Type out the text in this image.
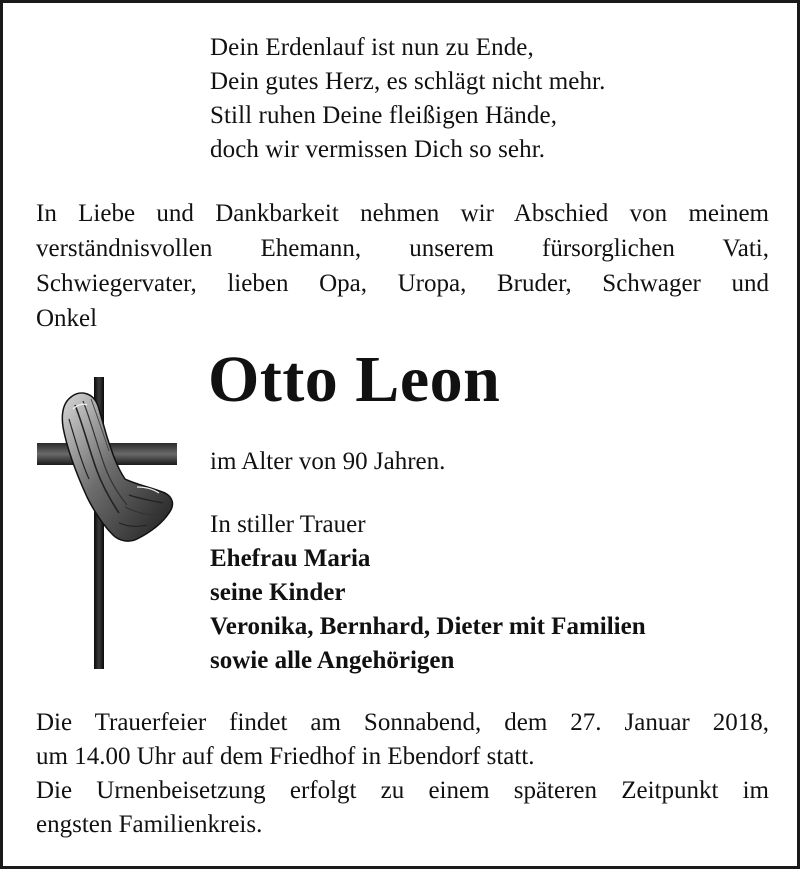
Dein Erdenlauf ist nun zu Ende,
Dein gutes Herz, es schlägt nicht mehr.
Still ruhen Deine fleißigen Hände,
doch wir vermissen Dich so sehr.
In Liebe und Dankbarkeit nehmen wir Abschied von meinem
verständnisvollen Ehemann, unserem fürsorglichen Vati,
Schwiegervater, lieben Opa, Uropa, Bruder, Schwager und
Onkel
Otto Leon
im Alter von 90 Jahren.
In stiller Trauer
Ehefrau Maria
seine Kinder
Veronika, Bernhard, Dieter mit Familien
sowie alle Angehörigen
Die Trauerfeier findet am Sonnabend, dem 27. Januar 2018,
um 14.00 Uhr auf dem Friedhof in Ebendorf statt.
Die Urnenbeisetzung erfolgt zu einem späteren Zeitpunkt im
engsten Familienkreis.
